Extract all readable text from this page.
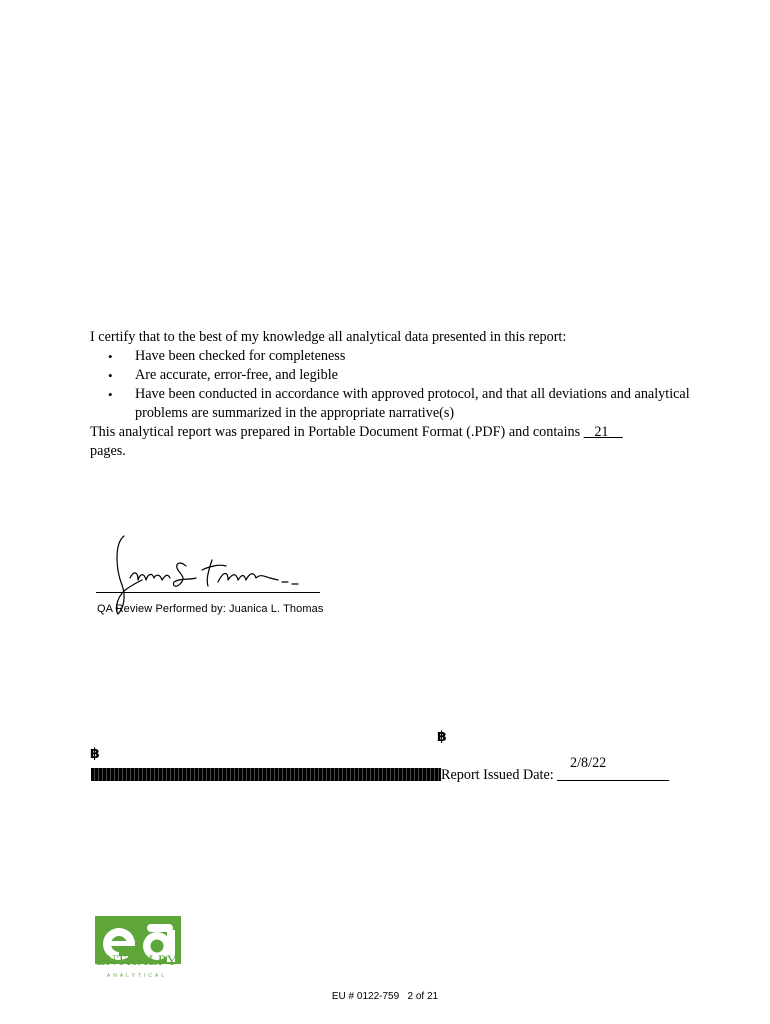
I certify that to the best of my knowledge all analytical data presented in this report:
• Have been checked for completeness
• Are accurate, error-free, and legible
• Have been conducted in accordance with approved protocol, and that all deviations and analytical problems are summarized in the appropriate narrative(s)
This analytical report was prepared in Portable Document Format (.PDF) and contains 21
pages.
QA Review Performed by: Juanica L. Thomas
฿
฿
2/8/22
Report Issued Date:
ENTHALPY
ANALYTICAL
EU # 0122-759 2 of 21
